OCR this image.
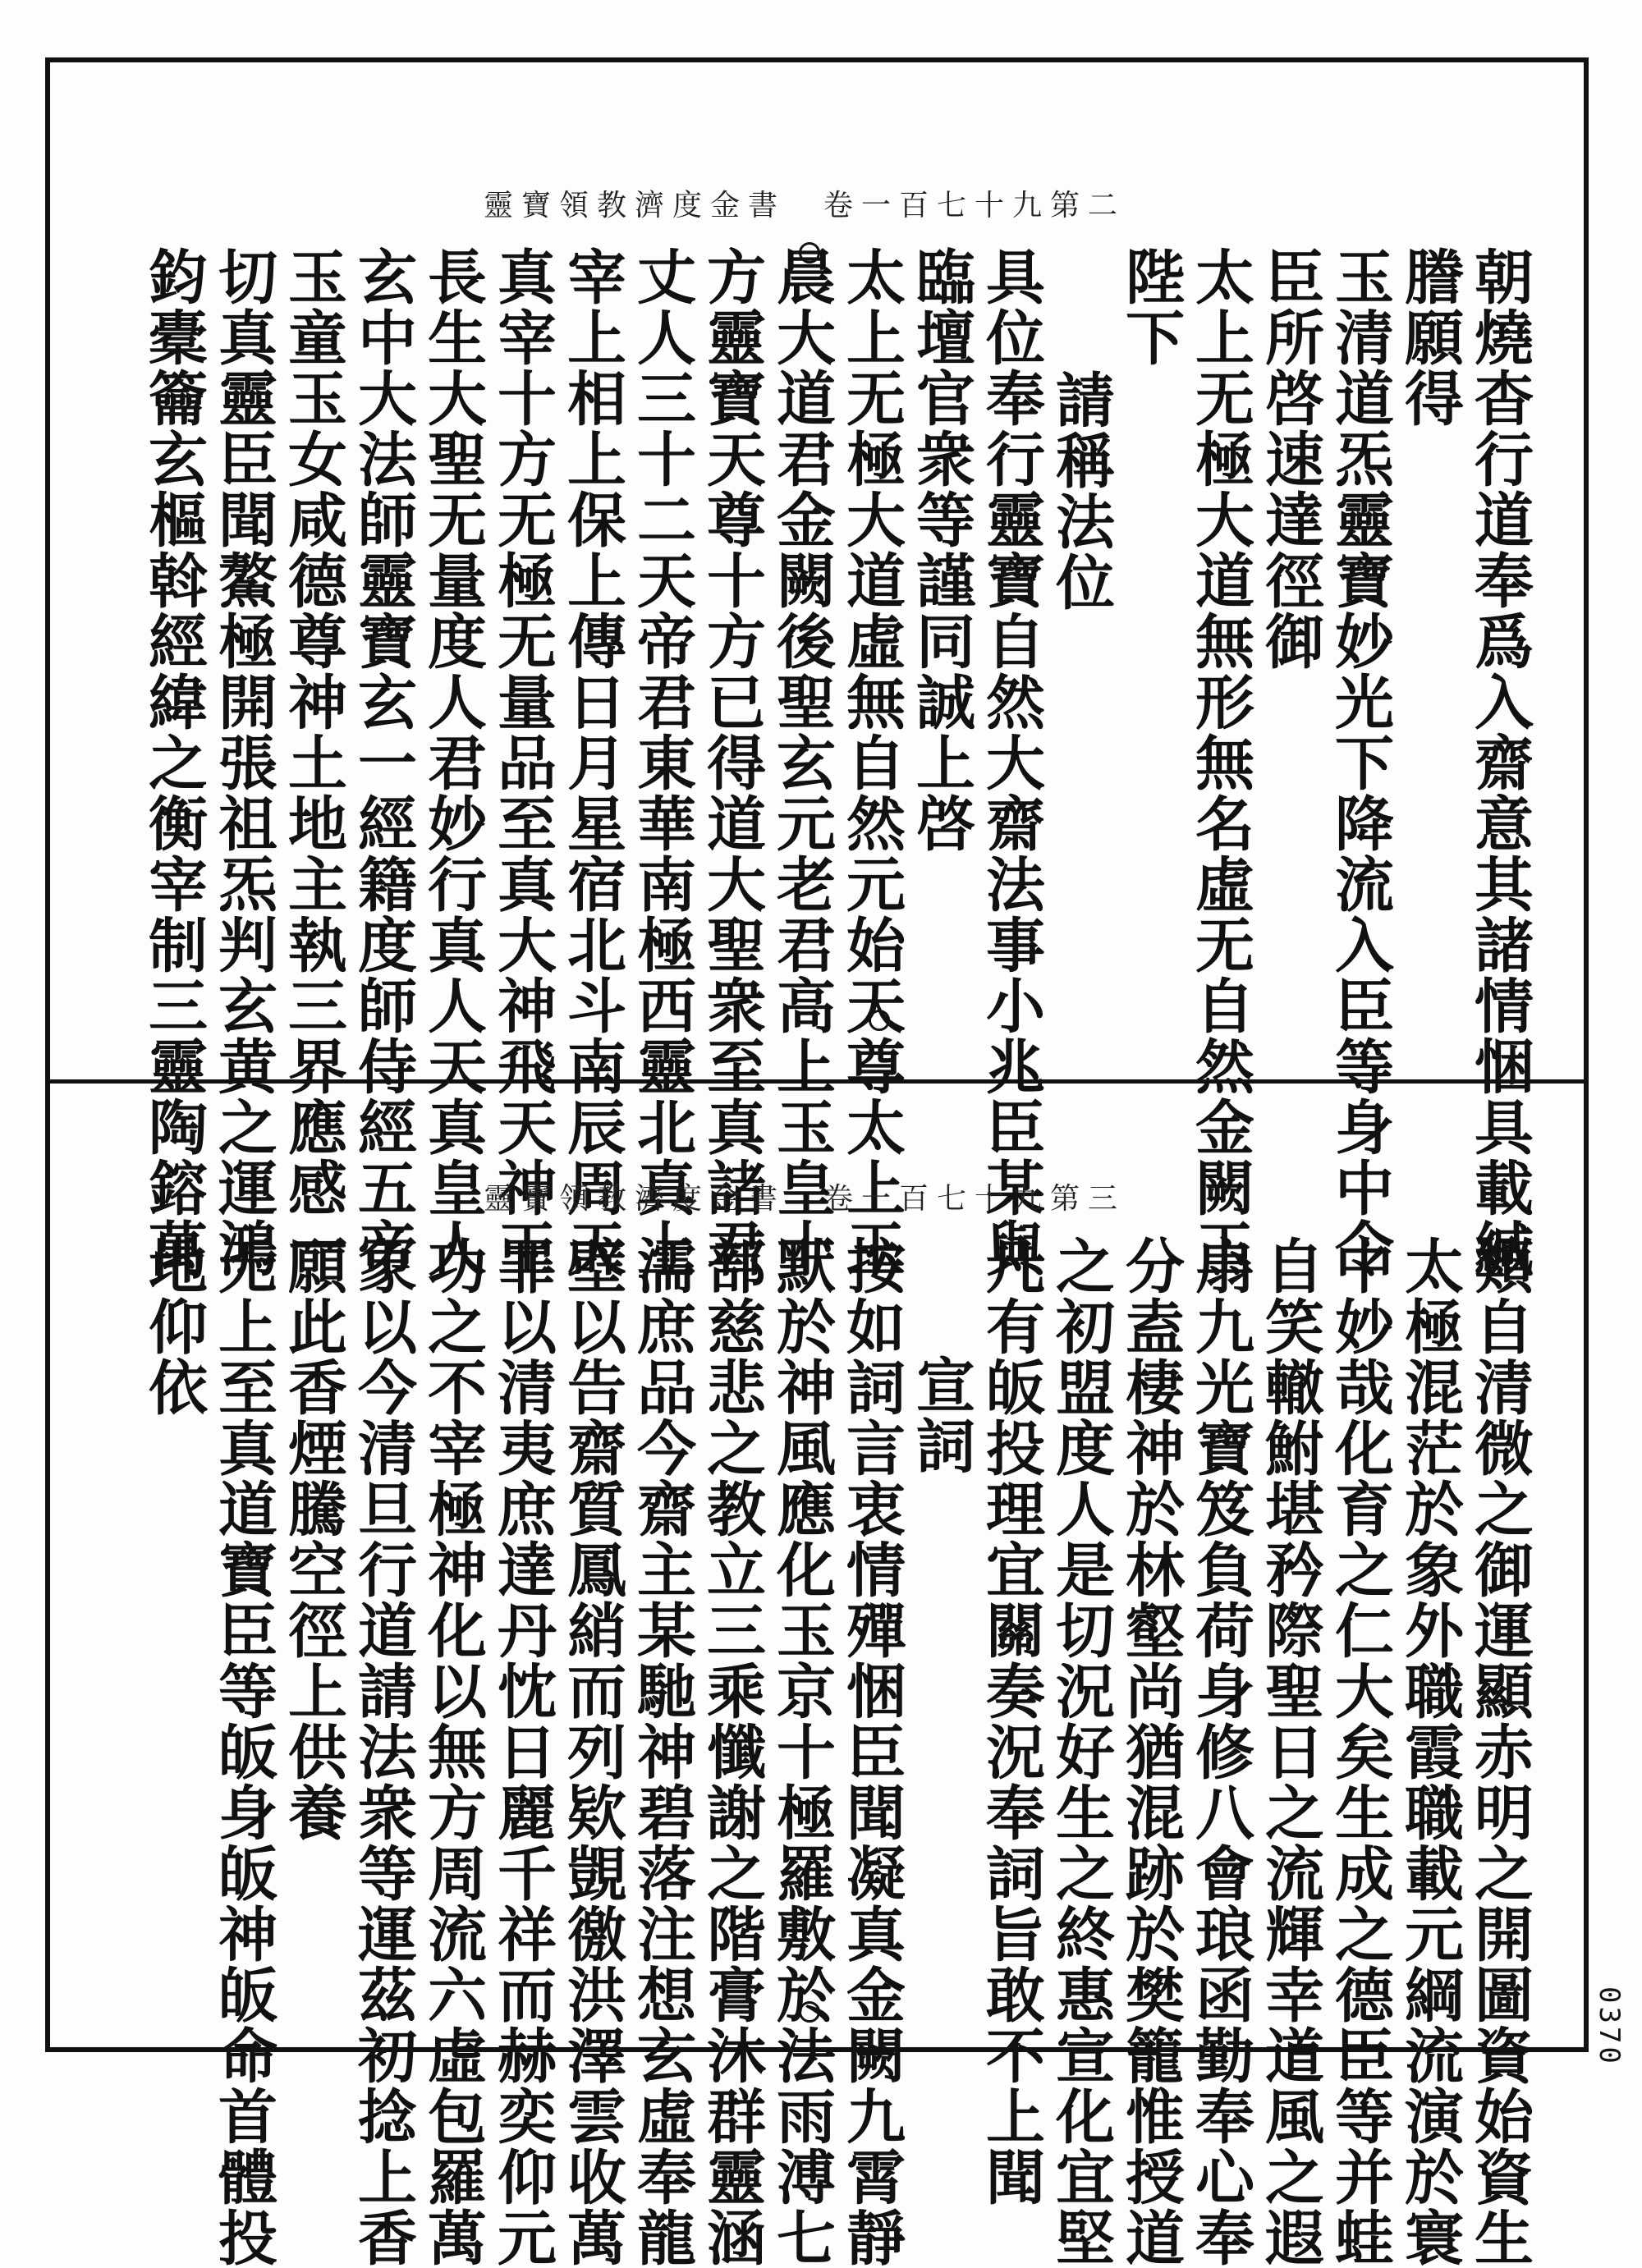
靈寶領教濟度金書　卷一百七十九第二
朝燒杳行道奉爲入齋意其諸情悃具載緘
謄願得
玉清道炁靈寶妙光下降流入臣等身中令
臣所啓速達徑御
太上无極大道無形無名虛无自然金闕玉
陛下
請稱法位
具位奉行靈寶自然大齋法事小兆臣某與
臨壇官衆等謹同誠上啓
太上无極大道虛無自然元始天尊太上玉
晨大道君金闕後聖玄元老君高上玉皇十
方靈寶天尊十方已得道大聖衆至真諸君
丈人三十二天帝君東華南極西靈北真上
宰上相上保上傳日月星宿北斗南辰周天
真宰十方无極无量品至真大神飛天神王
長生大聖无量度人君妙行真人天真皇人
玄中大法師靈寶玄一經籍度師侍經五帝
玉童玉女咸德尊神土地主執三界應感一
切真靈臣聞鰲極開張祖炁判玄黄之運鴻
鈞橐籥玄樞斡經緯之衡宰制三靈陶鎔萬	靈寶領教濟度金書　卷一百七十九第三
類自清微之御運顯赤明之開圖資始資生
太極混茫於象外職霞職載元綱流演於寰
中妙哉化育之仁大矣生成之德臣等并蛙
自笑轍鮒堪矜際聖日之流輝幸道風之遐
扇九光寶笈負荷身修八會琅函勤奉心奉
分盍棲神於林壑尚猶混跡於樊籠惟授道
之初盟度人是切況好生之終惠宣化宜堅
凡有皈投理宜關奏況奉詞旨敢不上聞
宣詞
按如詞言衷情殫悃臣聞凝真金闕九霄靜
默於神風應化玉京十極羅敷於法雨溥七
部慈悲之教立三乘懺謝之階膏沐群靈涵
濡庶品今齋主某馳神碧落注想玄虛奉龍
壁以告齋質鳳綃而列欵覬徼洪澤雲收萬
罪以清夷庶達丹忱日麗千祥而赫奕仰元
功之不宰極神化以無方周流六虛包羅萬
象以今清旦行道請法衆等運茲初捻上香
願此香煙騰空徑上供養
无上至真道寶臣等皈身皈神皈命首體投
地仰依
0370
